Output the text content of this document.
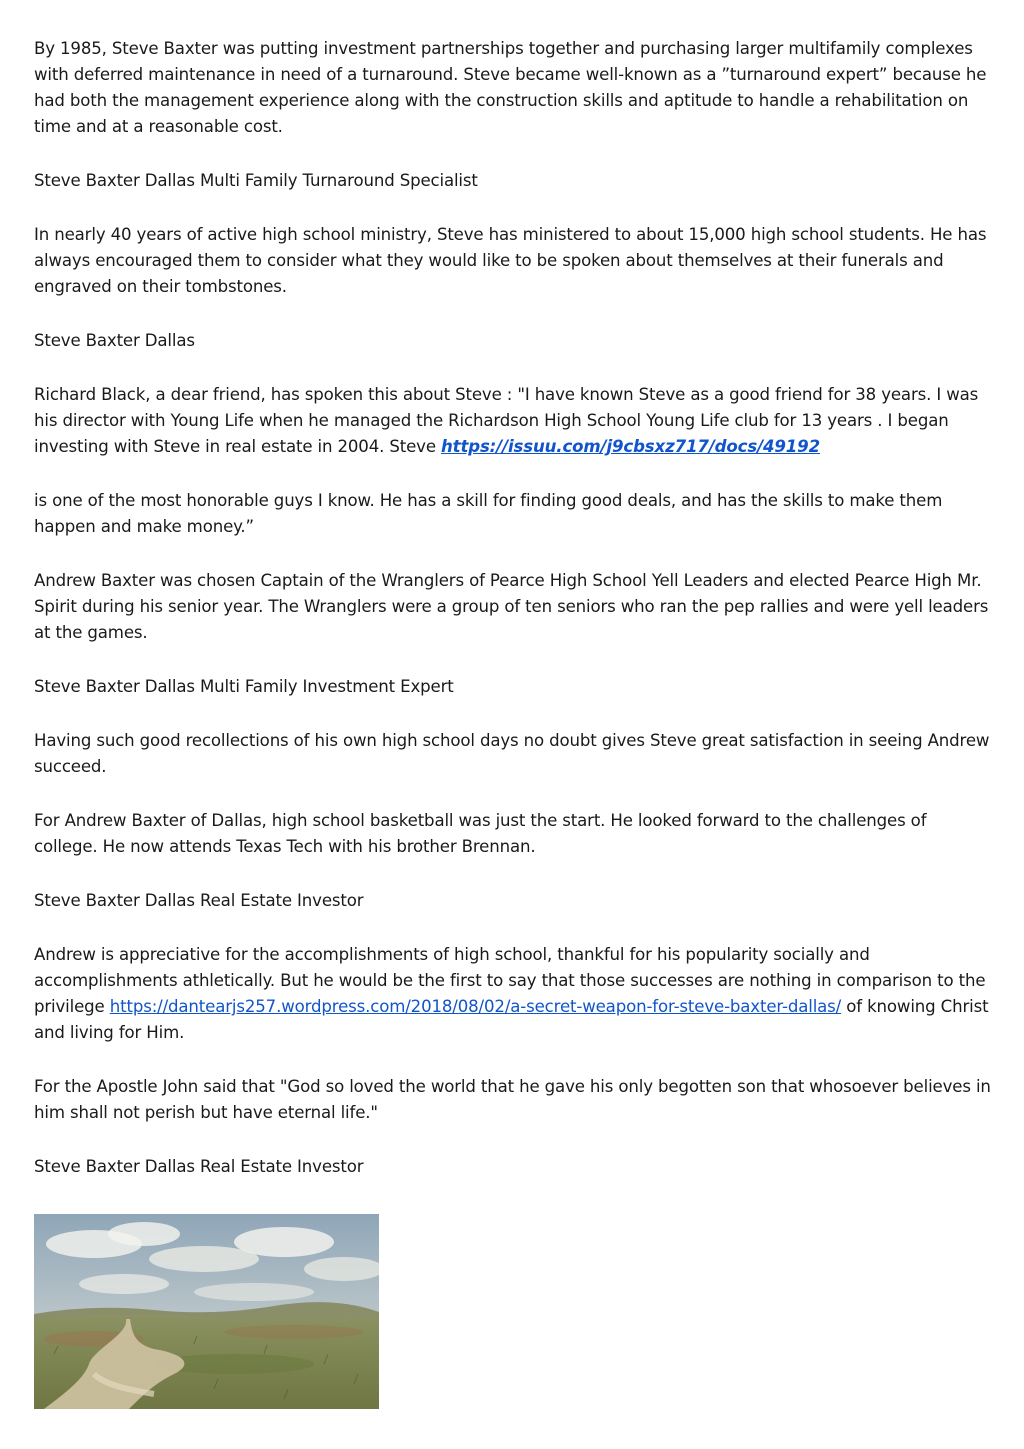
By 1985, Steve Baxter was putting investment partnerships together and purchasing larger multifamily complexes with deferred maintenance in need of a turnaround. Steve became well-known as a ”turnaround expert” because he had both the management experience along with the construction skills and aptitude to handle a rehabilitation on time and at a reasonable cost.

Steve Baxter Dallas Multi Family Turnaround Specialist

In nearly 40 years of active high school ministry, Steve has ministered to about 15,000 high school students. He has always encouraged them to consider what they would like to be spoken about themselves at their funerals and engraved on their tombstones.

Steve Baxter Dallas

Richard Black, a dear friend, has spoken this about Steve : "I have known Steve as a good friend for 38 years. I was his director with Young Life when he managed the Richardson High School Young Life club for 13 years . I began investing with Steve in real estate in 2004. Steve https://issuu.com/j9cbsxz717/docs/49192

is one of the most honorable guys I know. He has a skill for finding good deals, and has the skills to make them happen and make money.”

Andrew Baxter was chosen Captain of the Wranglers of Pearce High School Yell Leaders and elected Pearce High Mr. Spirit during his senior year. The Wranglers were a group of ten seniors who ran the pep rallies and were yell leaders at the games.

Steve Baxter Dallas Multi Family Investment Expert

Having such good recollections of his own high school days no doubt gives Steve great satisfaction in seeing Andrew succeed.

For Andrew Baxter of Dallas, high school basketball was just the start. He looked forward to the challenges of college. He now attends Texas Tech with his brother Brennan.

Steve Baxter Dallas Real Estate Investor

Andrew is appreciative for the accomplishments of high school, thankful for his popularity socially and accomplishments athletically. But he would be the first to say that those successes are nothing in comparison to the privilege https://dantearjs257.wordpress.com/2018/08/02/a-secret-weapon-for-steve-baxter-dallas/ of knowing Christ and living for Him.

For the Apostle John said that "God so loved the world that he gave his only begotten son that whosoever believes in him shall not perish but have eternal life."

Steve Baxter Dallas Real Estate Investor
